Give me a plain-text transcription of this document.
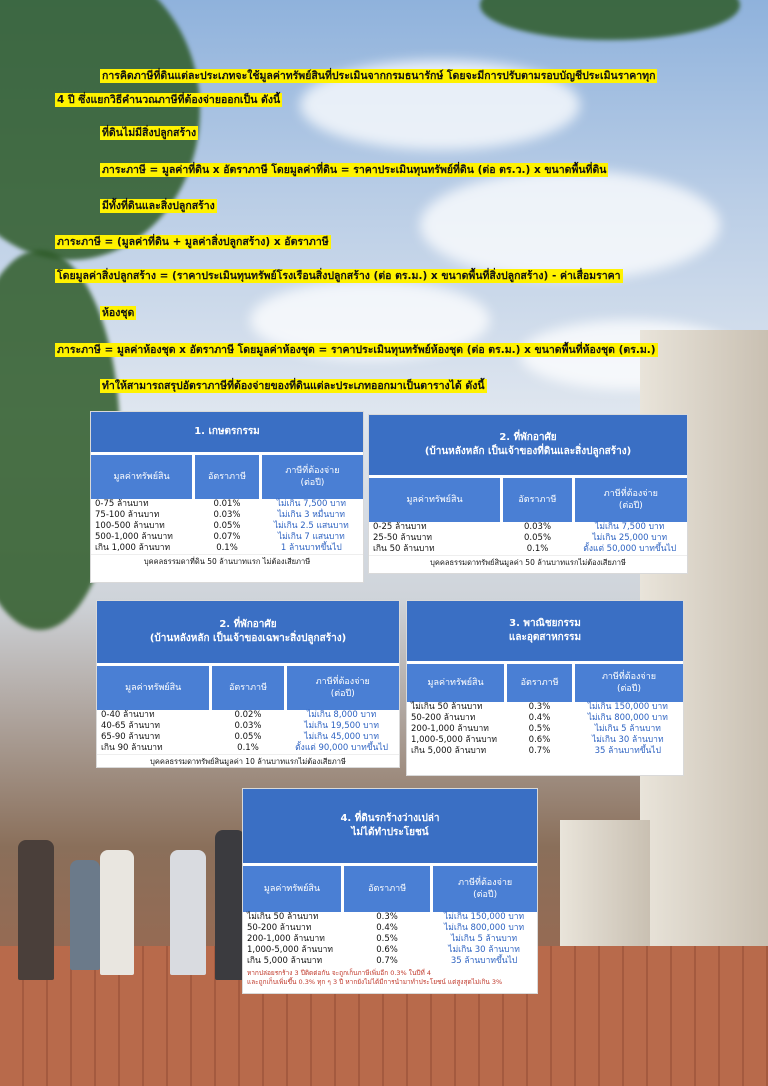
การคิดภาษีที่ดินแต่ละประเภทจะใช้มูลค่าทรัพย์สินที่ประเมินจากกรมธนารักษ์ โดยจะมีการปรับตามรอบบัญชีประเมินราคาทุก
4 ปี ซึ่งแยกวิธีคำนวณภาษีที่ต้องจ่ายออกเป็น ดังนี้
ที่ดินไม่มีสิ่งปลูกสร้าง
ภาระภาษี = มูลค่าที่ดิน x อัตราภาษี โดยมูลค่าที่ดิน = ราคาประเมินทุนทรัพย์ที่ดิน (ต่อ ตร.ว.) x ขนาดพื้นที่ดิน
มีทั้งที่ดินและสิ่งปลูกสร้าง
ภาระภาษี = (มูลค่าที่ดิน + มูลค่าสิ่งปลูกสร้าง) x อัตราภาษี
โดยมูลค่าสิ่งปลูกสร้าง = (ราคาประเมินทุนทรัพย์โรงเรือนสิ่งปลูกสร้าง (ต่อ ตร.ม.) x ขนาดพื้นที่สิ่งปลูกสร้าง) - ค่าเสื่อมราคา
ห้องชุด
ภาระภาษี = มูลค่าห้องชุด x อัตราภาษี โดยมูลค่าห้องชุด = ราคาประเมินทุนทรัพย์ห้องชุด (ต่อ ตร.ม.) x ขนาดพื้นที่ห้องชุด (ตร.ม.)
ทำให้สามารถสรุปอัตราภาษีที่ต้องจ่ายของที่ดินแต่ละประเภทออกมาเป็นตารางได้ ดังนี้
1. เกษตรกรรม
มูลค่าทรัพย์สิน	อัตราภาษี
ภาษีที่ต้องจ่าย
(ต่อปี)
0-75 ล้านบาท	0.01%	ไม่เกิน 7,500 บาท
75-100 ล้านบาท	0.03%	ไม่เกิน 3 หมื่นบาท
100-500 ล้านบาท	0.05%	ไม่เกิน 2.5 แสนบาท
500-1,000 ล้านบาท	0.07%	ไม่เกิน 7 แสนบาท
เกิน 1,000 ล้านบาท	0.1%	1 ล้านบาทขึ้นไป
บุคคลธรรมดาที่ดิน 50 ล้านบาทแรก ไม่ต้องเสียภาษี
2. ที่พักอาศัย
(บ้านหลังหลัก เป็นเจ้าของที่ดินและสิ่งปลูกสร้าง)
มูลค่าทรัพย์สิน	อัตราภาษี
ภาษีที่ต้องจ่าย
(ต่อปี)
0-25 ล้านบาท	0.03%	ไม่เกิน 7,500 บาท
25-50 ล้านบาท	0.05%	ไม่เกิน 25,000 บาท
เกิน 50 ล้านบาท	0.1%	ตั้งแต่ 50,000 บาทขึ้นไป
บุคคลธรรมดาทรัพย์สินมูลค่า 50 ล้านบาทแรกไม่ต้องเสียภาษี
2. ที่พักอาศัย
(บ้านหลังหลัก เป็นเจ้าของเฉพาะสิ่งปลูกสร้าง)
มูลค่าทรัพย์สิน	อัตราภาษี
ภาษีที่ต้องจ่าย
(ต่อปี)
0-40 ล้านบาท	0.02%	ไม่เกิน 8,000 บาท
40-65 ล้านบาท	0.03%	ไม่เกิน 19,500 บาท
65-90 ล้านบาท	0.05%	ไม่เกิน 45,000 บาท
เกิน 90 ล้านบาท	0.1%	ตั้งแต่ 90,000 บาทขึ้นไป
บุคคลธรรมดาทรัพย์สินมูลค่า 10 ล้านบาทแรกไม่ต้องเสียภาษี
3. พาณิชยกรรม
และอุตสาหกรรม
มูลค่าทรัพย์สิน	อัตราภาษี
ภาษีที่ต้องจ่าย
(ต่อปี)
ไม่เกิน 50 ล้านบาท	0.3%	ไม่เกิน 150,000 บาท
50-200 ล้านบาท	0.4%	ไม่เกิน 800,000 บาท
200-1,000 ล้านบาท	0.5%	ไม่เกิน 5 ล้านบาท
1,000-5,000 ล้านบาท	0.6%	ไม่เกิน 30 ล้านบาท
เกิน 5,000 ล้านบาท	0.7%	35 ล้านบาทขึ้นไป
4. ที่ดินรกร้างว่างเปล่า
ไม่ได้ทำประโยชน์
มูลค่าทรัพย์สิน	อัตราภาษี
ภาษีที่ต้องจ่าย
(ต่อปี)
ไม่เกิน 50 ล้านบาท	0.3%	ไม่เกิน 150,000 บาท
50-200 ล้านบาท	0.4%	ไม่เกิน 800,000 บาท
200-1,000 ล้านบาท	0.5%	ไม่เกิน 5 ล้านบาท
1,000-5,000 ล้านบาท	0.6%	ไม่เกิน 30 ล้านบาท
เกิน 5,000 ล้านบาท	0.7%	35 ล้านบาทขึ้นไป
หากปล่อยรกร้าง 3 ปีติดต่อกัน จะถูกเก็บภาษีเพิ่มอีก 0.3% ในปีที่ 4
และถูกเก็บเพิ่มขึ้น 0.3% ทุก ๆ 3 ปี หากยังไม่ได้มีการนำมาทำประโยชน์ แต่สูงสุดไม่เกิน 3%
